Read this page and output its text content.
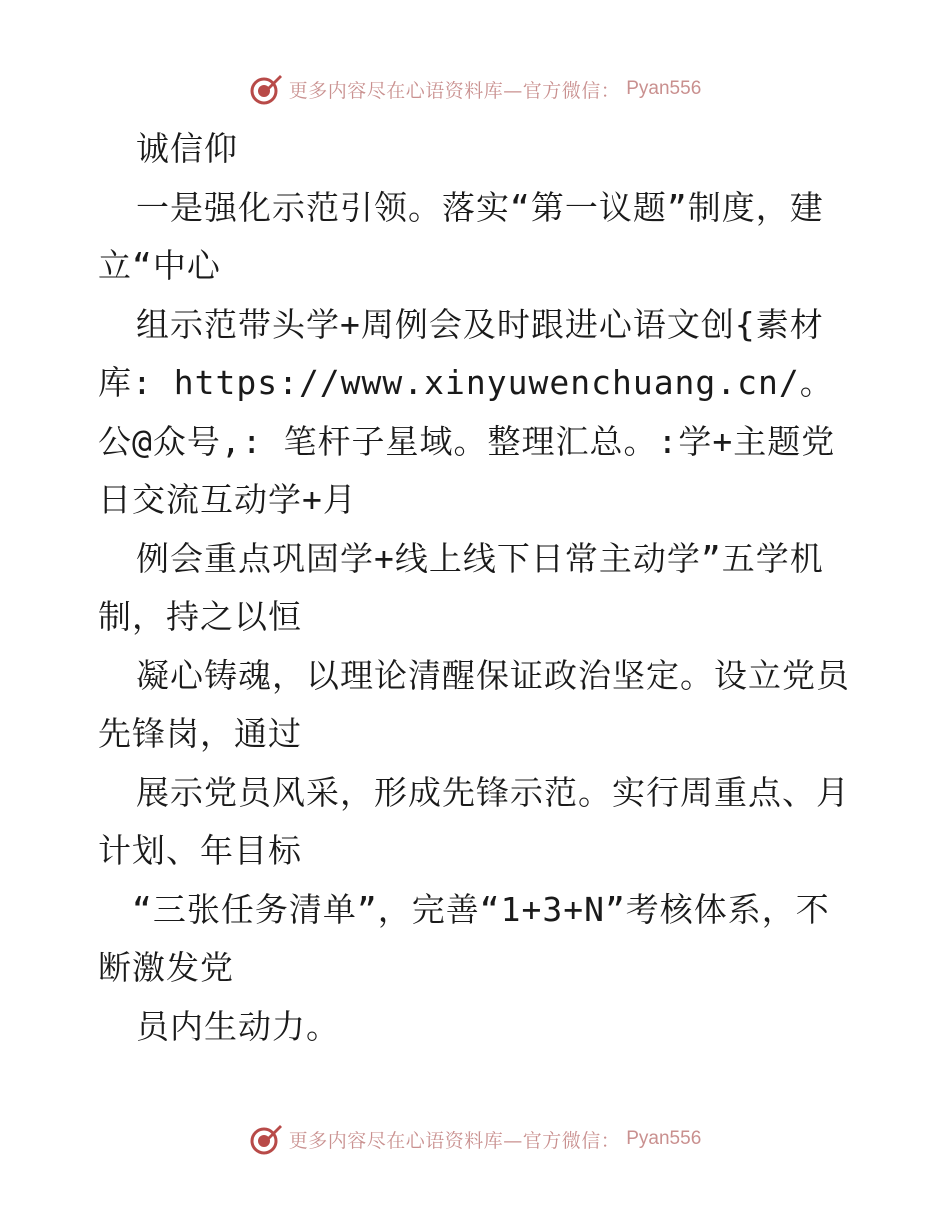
更多内容尽在心语资料库—官方微信： Pyan556

诚信仰

一是强化示范引领。落实“第一议题”制度，建立“中心

组示范带头学+周例会及时跟进心语文创{素材库: https://www.xinyuwenchuang.cn/。公@众号,: 笔杆子星域。整理汇总。:学+主题党日交流互动学+月

例会重点巩固学+线上线下日常主动学”五学机制，持之以恒

凝心铸魂，以理论清醒保证政治坚定。设立党员先锋岗，通过

展示党员风采，形成先锋示范。实行周重点、月计划、年目标

“三张任务清单”，完善“1+3+N”考核体系，不断激发党

员内生动力。

更多内容尽在心语资料库—官方微信： Pyan556
